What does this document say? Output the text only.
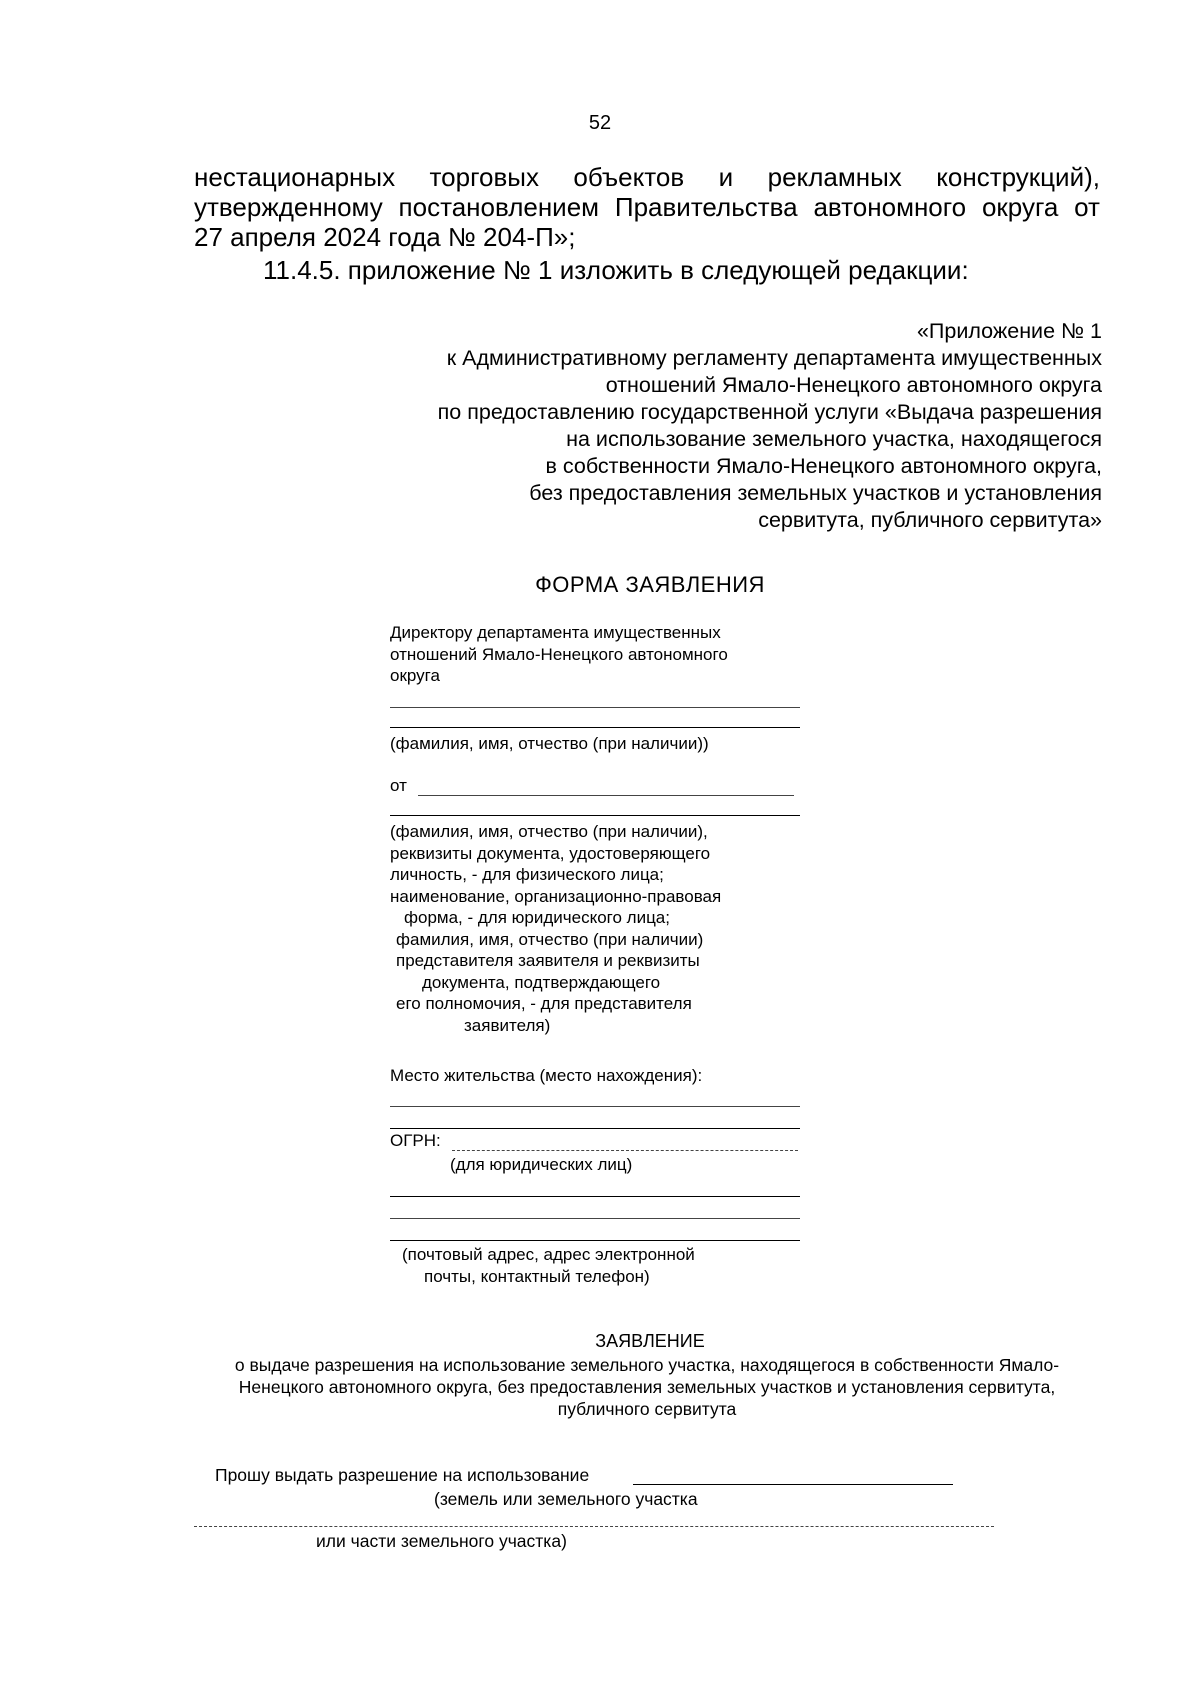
52
нестационарных торговых объектов и рекламных конструкций),
утвержденному постановлением Правительства автономного округа от
27 апреля 2024 года № 204-П»;
11.4.5. приложение № 1 изложить в следующей редакции:
«Приложение № 1
к Административному регламенту департамента имущественных
отношений Ямало-Ненецкого автономного округа
по предоставлению государственной услуги «Выдача разрешения
на использование земельного участка, находящегося
в собственности Ямало-Ненецкого автономного округа,
без предоставления земельных участков и установления
сервитута, публичного сервитута»
ФОРМА ЗАЯВЛЕНИЯ
Директору департамента имущественных
отношений Ямало-Ненецкого автономного
округа
(фамилия, имя, отчество (при наличии))
от
(фамилия, имя, отчество (при наличии),
реквизиты документа, удостоверяющего
личность, - для физического лица;
наименование, организационно-правовая
форма, - для юридического лица;
фамилия, имя, отчество (при наличии)
представителя заявителя и реквизиты
документа, подтверждающего
его полномочия, - для представителя
заявителя)
Место жительства (место нахождения):
ОГРН:
(для юридических лиц)
(почтовый адрес, адрес электронной
почты, контактный телефон)
ЗАЯВЛЕНИЕ
о выдаче разрешения на использование земельного участка, находящегося в собственности Ямало-
Ненецкого автономного округа, без предоставления земельных участков и установления сервитута,
публичного сервитута
Прошу выдать разрешение на использование
(земель или земельного участка
или части земельного участка)
